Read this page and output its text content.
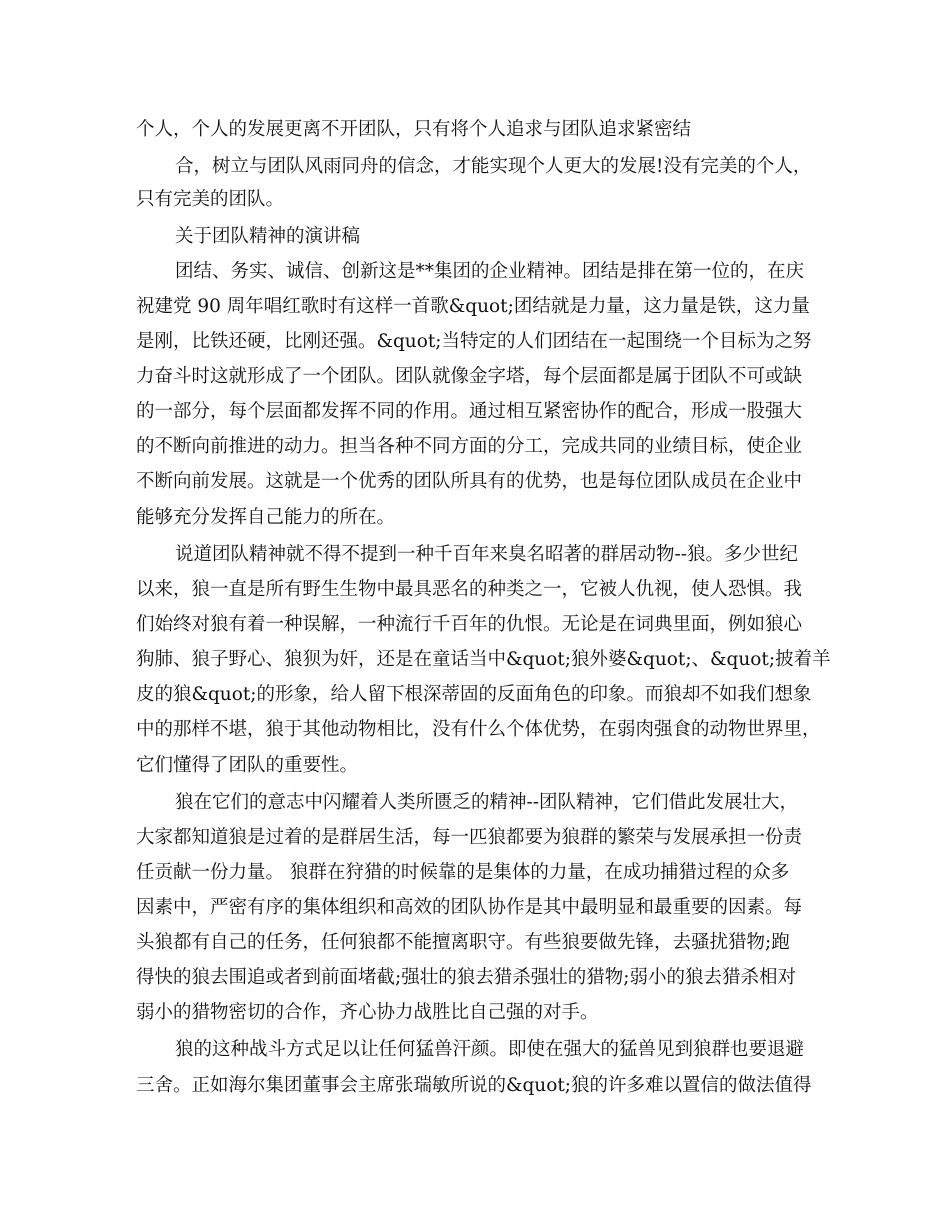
个人，个人的发展更离不开团队，只有将个人追求与团队追求紧密结
合，树立与团队风雨同舟的信念，才能实现个人更大的发展!没有完美的个人，
只有完美的团队。
关于团队精神的演讲稿
团结、务实、诚信、创新这是**集团的企业精神。团结是排在第一位的，在庆
祝建党 90 周年唱红歌时有这样一首歌&quot;团结就是力量，这力量是铁，这力量
是刚，比铁还硬，比刚还强。&quot;当特定的人们团结在一起围绕一个目标为之努
力奋斗时这就形成了一个团队。团队就像金字塔，每个层面都是属于团队不可或缺
的一部分，每个层面都发挥不同的作用。通过相互紧密协作的配合，形成一股强大
的不断向前推进的动力。担当各种不同方面的分工，完成共同的业绩目标，使企业
不断向前发展。这就是一个优秀的团队所具有的优势，也是每位团队成员在企业中
能够充分发挥自己能力的所在。
说道团队精神就不得不提到一种千百年来臭名昭著的群居动物--狼。多少世纪
以来，狼一直是所有野生生物中最具恶名的种类之一，它被人仇视，使人恐惧。我
们始终对狼有着一种误解，一种流行千百年的仇恨。无论是在词典里面，例如狼心
狗肺、狼子野心、狼狈为奸，还是在童话当中&quot;狼外婆&quot;、&quot;披着羊
皮的狼&quot;的形象，给人留下根深蒂固的反面角色的印象。而狼却不如我们想象
中的那样不堪，狼于其他动物相比，没有什么个体优势，在弱肉强食的动物世界里，
它们懂得了团队的重要性。
狼在它们的意志中闪耀着人类所匮乏的精神--团队精神，它们借此发展壮大，
大家都知道狼是过着的是群居生活，每一匹狼都要为狼群的繁荣与发展承担一份责
任贡献一份力量。 狼群在狩猎的时候靠的是集体的力量，在成功捕猎过程的众多
因素中，严密有序的集体组织和高效的团队协作是其中最明显和最重要的因素。每
头狼都有自己的任务，任何狼都不能擅离职守。有些狼要做先锋，去骚扰猎物;跑
得快的狼去围追或者到前面堵截;强壮的狼去猎杀强壮的猎物;弱小的狼去猎杀相对
弱小的猎物密切的合作，齐心协力战胜比自己强的对手。
狼的这种战斗方式足以让任何猛兽汗颜。即使在强大的猛兽见到狼群也要退避
三舍。正如海尔集团董事会主席张瑞敏所说的&quot;狼的许多难以置信的做法值得
